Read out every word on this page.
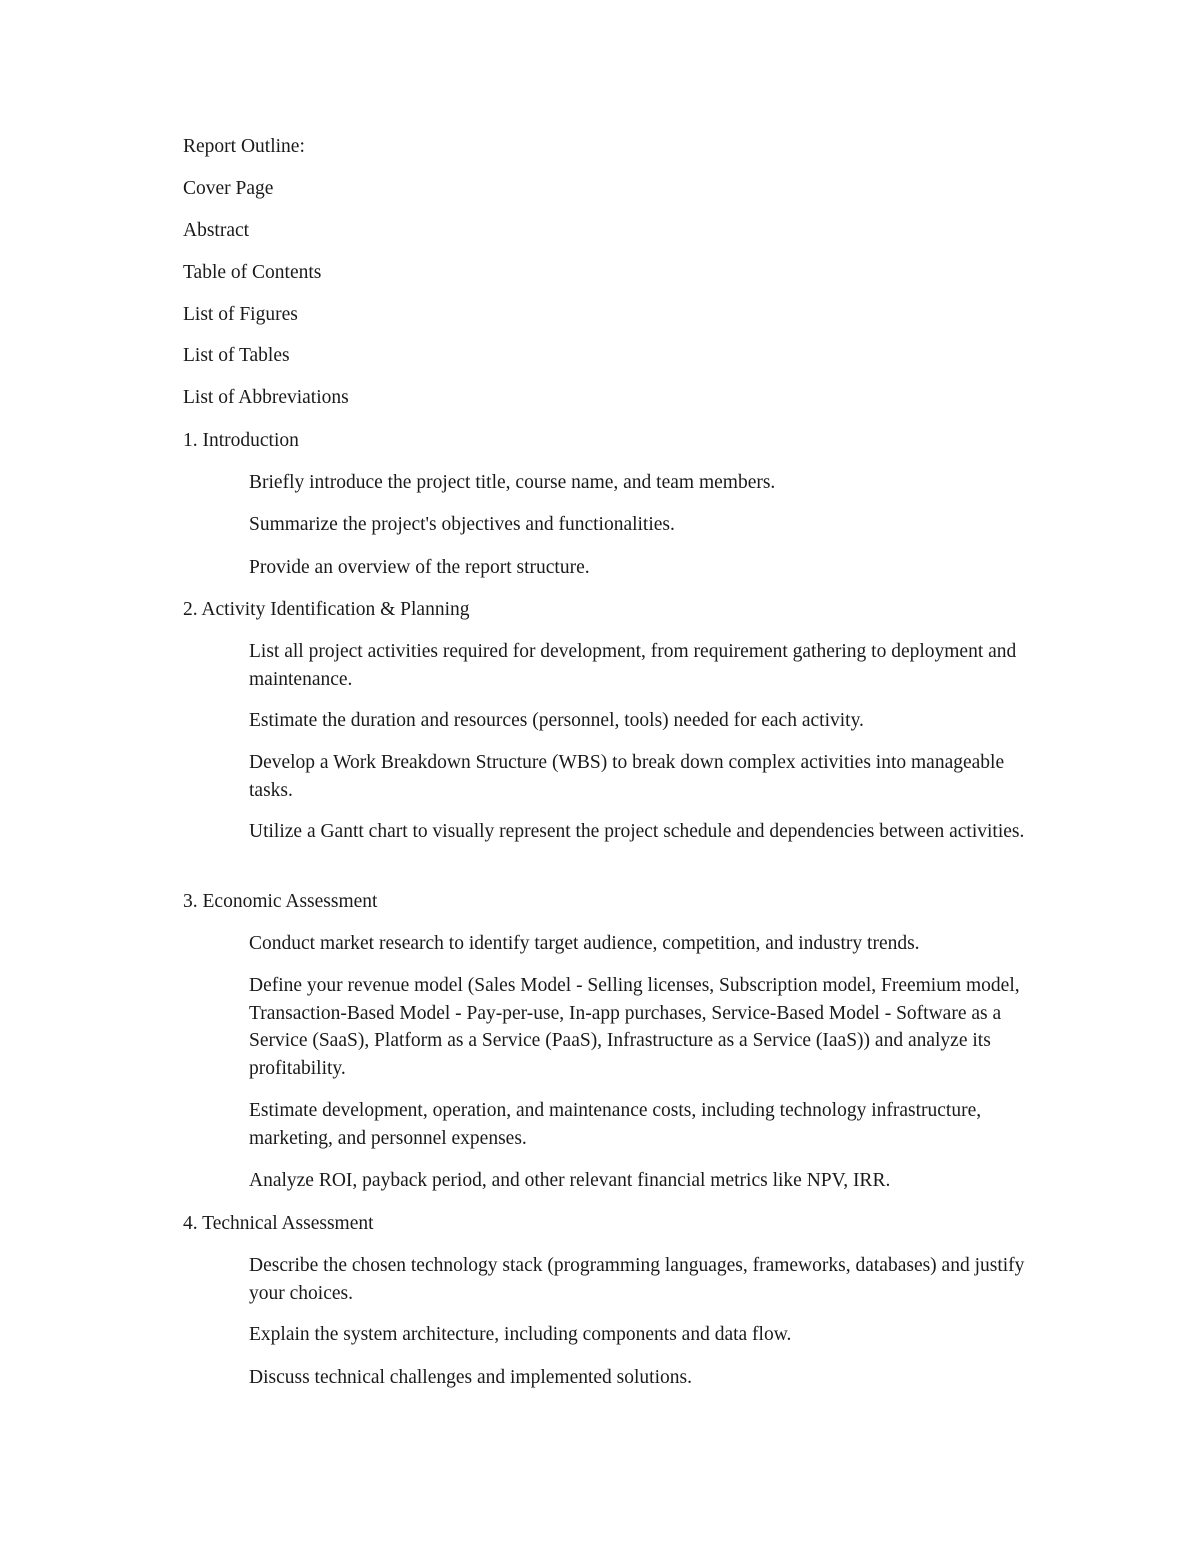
Report Outline:
Cover Page
Abstract
Table of Contents
List of Figures
List of Tables
List of Abbreviations
1. Introduction
Briefly introduce the project title, course name, and team members.
Summarize the project's objectives and functionalities.
Provide an overview of the report structure.
2. Activity Identification & Planning
List all project activities required for development, from requirement gathering to deployment and maintenance.
Estimate the duration and resources (personnel, tools) needed for each activity.
Develop a Work Breakdown Structure (WBS) to break down complex activities into manageable tasks.
Utilize a Gantt chart to visually represent the project schedule and dependencies between activities.
3. Economic Assessment
Conduct market research to identify target audience, competition, and industry trends.
Define your revenue model (Sales Model - Selling licenses, Subscription model, Freemium model, Transaction-Based Model - Pay-per-use, In-app purchases, Service-Based Model - Software as a Service (SaaS), Platform as a Service (PaaS), Infrastructure as a Service (IaaS)) and analyze its profitability.
Estimate development, operation, and maintenance costs, including technology infrastructure, marketing, and personnel expenses.
Analyze ROI, payback period, and other relevant financial metrics like NPV, IRR.
4. Technical Assessment
Describe the chosen technology stack (programming languages, frameworks, databases) and justify your choices.
Explain the system architecture, including components and data flow.
Discuss technical challenges and implemented solutions.
